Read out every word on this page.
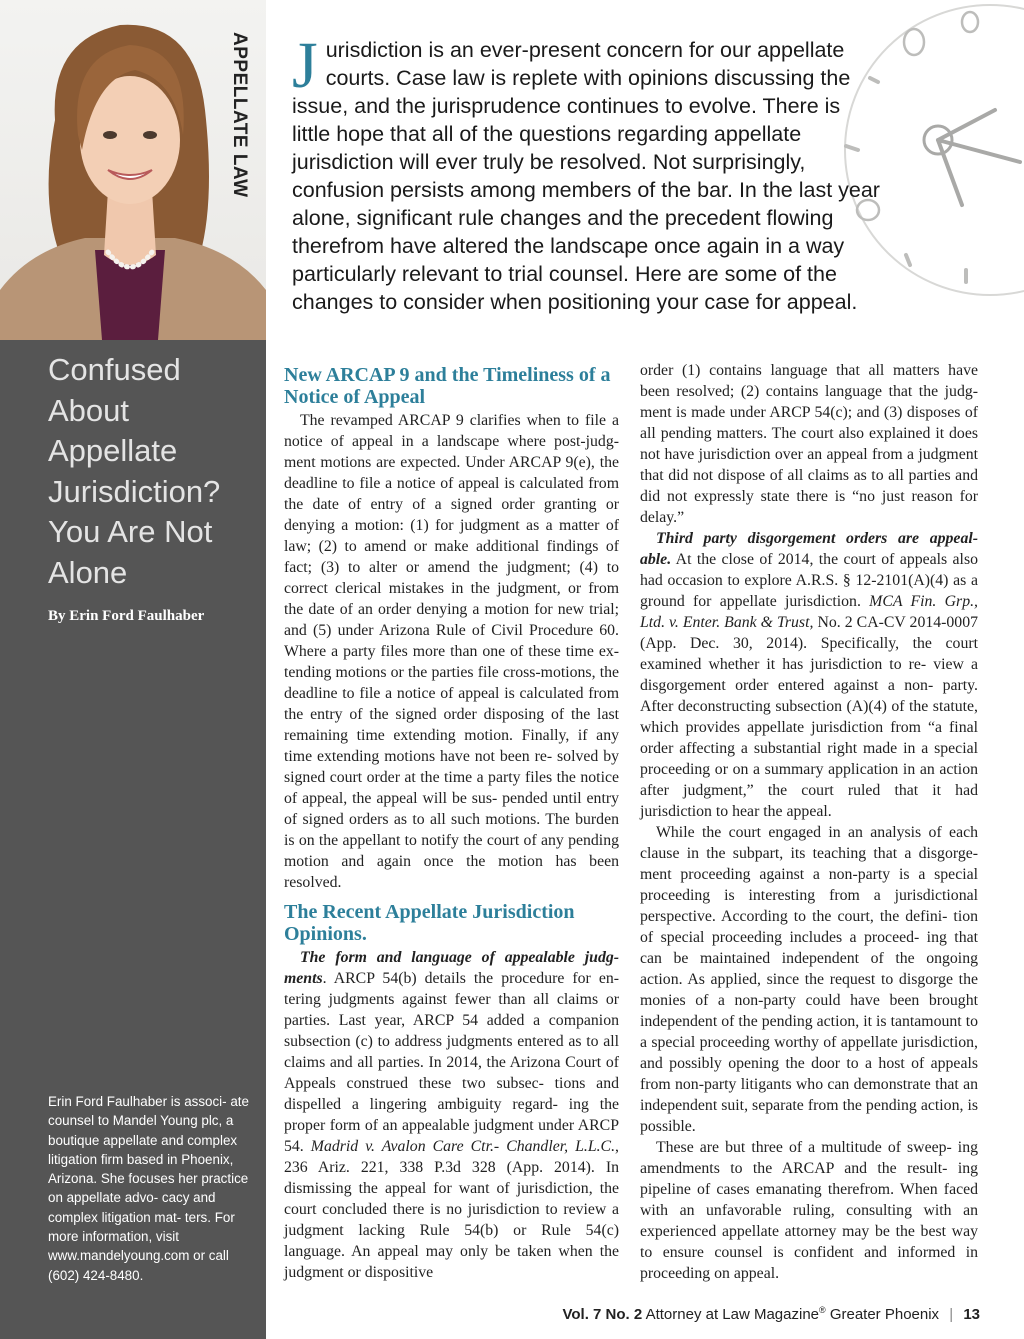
APPELLATE LAW
Confused
About
Appellate
Jurisdiction?
You Are Not
Alone
By Erin Ford Faulhaber

Erin Ford Faulhaber is associ- ate counsel to Mandel Young plc, a boutique appellate and complex litigation firm based in Phoenix, Arizona. She focuses her practice on appellate advo- cacy and complex litigation mat- ters. For more information, visit www.mandelyoung.com or call (602) 424-8480.

Jurisdiction is an ever-present concern for our appellate courts. Case law is replete with opinions discussing the issue, and the jurisprudence continues to evolve. There is little hope that all of the questions regarding appellate jurisdiction will ever truly be resolved. Not surprisingly, confusion persists among members of the bar. In the last year alone, significant rule changes and the precedent flowing therefrom have altered the landscape once again in a way particularly relevant to trial counsel. Here are some of the changes to consider when positioning your case for appeal.

New ARCAP 9 and the Timeliness of a Notice of Appeal

The revamped ARCAP 9 clarifies when to file a notice of appeal in a landscape where post-judg- ment motions are expected. Under ARCAP 9(e), the deadline to file a notice of appeal is calculated from the date of entry of a signed order granting or denying a motion: (1) for judgment as a matter of law; (2) to amend or make additional findings of fact; (3) to alter or amend the judgment; (4) to correct clerical mistakes in the judgment, or from the date of an order denying a motion for new trial; and (5) under Arizona Rule of Civil Procedure 60. Where a party files more than one of these time ex- tending motions or the parties file cross-motions, the deadline to file a notice of appeal is calculated from the entry of the signed order disposing of the last remaining time extending motion. Finally, if any time extending motions have not been re- solved by signed court order at the time a party files the notice of appeal, the appeal will be sus- pended until entry of signed orders as to all such motions. The burden is on the appellant to notify the court of any pending motion and again once the motion has been resolved.

The Recent Appellate Jurisdiction Opinions.

The form and language of appealable judg- ments. ARCP 54(b) details the procedure for en- tering judgments against fewer than all claims or parties. Last year, ARCP 54 added a companion subsection (c) to address judgments entered as to all claims and all parties. In 2014, the Arizona Court of Appeals construed these two subsec- tions and dispelled a lingering ambiguity regard- ing the proper form of an appealable judgment under ARCP 54. Madrid v. Avalon Care Ctr.- Chandler, L.L.C., 236 Ariz. 221, 338 P.3d 328 (App. 2014). In dismissing the appeal for want of jurisdiction, the court concluded there is no jurisdiction to review a judgment lacking Rule 54(b) or Rule 54(c) language. An appeal may only be taken when the judgment or dispositive

order (1) contains language that all matters have been resolved; (2) contains language that the judg- ment is made under ARCP 54(c); and (3) disposes of all pending matters. The court also explained it does not have jurisdiction over an appeal from a judgment that did not dispose of all claims as to all parties and did not expressly state there is “no just reason for delay.”

Third party disgorgement orders are appeal- able. At the close of 2014, the court of appeals also had occasion to explore A.R.S. § 12-2101(A)(4) as a ground for appellate jurisdiction. MCA Fin. Grp., Ltd. v. Enter. Bank & Trust, No. 2 CA-CV 2014-0007 (App. Dec. 30, 2014). Specifically, the court examined whether it has jurisdiction to re- view a disgorgement order entered against a non- party. After deconstructing subsection (A)(4) of the statute, which provides appellate jurisdiction from “a final order affecting a substantial right made in a special proceeding or on a summary application in an action after judgment,” the court ruled that it had jurisdiction to hear the appeal.

While the court engaged in an analysis of each clause in the subpart, its teaching that a disgorge- ment proceeding against a non-party is a special proceeding is interesting from a jurisdictional perspective. According to the court, the defini- tion of special proceeding includes a proceed- ing that can be maintained independent of the ongoing action. As applied, since the request to disgorge the monies of a non-party could have been brought independent of the pending action, it is tantamount to a special proceeding worthy of appellate jurisdiction, and possibly opening the door to a host of appeals from non-party litigants who can demonstrate that an independent suit, separate from the pending action, is possible.

These are but three of a multitude of sweep- ing amendments to the ARCAP and the result- ing pipeline of cases emanating therefrom. When faced with an unfavorable ruling, consulting with an experienced appellate attorney may be the best way to ensure counsel is confident and informed in proceeding on appeal.

Vol. 7 No. 2 Attorney at Law Magazine® Greater Phoenix | 13
